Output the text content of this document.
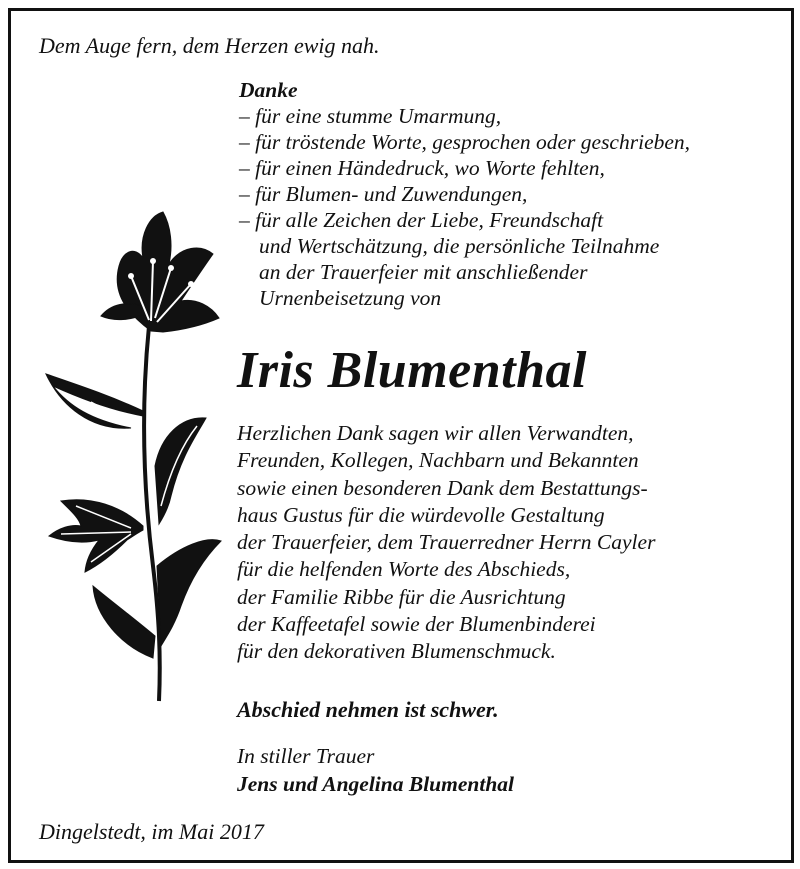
Dem Auge fern, dem Herzen ewig nah.
Danke
– für eine stumme Umarmung,
– für tröstende Worte, gesprochen oder geschrieben,
– für einen Händedruck, wo Worte fehlten,
– für Blumen- und Zuwendungen,
– für alle Zeichen der Liebe, Freundschaft
und Wertschätzung, die persönliche Teilnahme
an der Trauerfeier mit anschließender
Urnenbeisetzung von
Iris Blumenthal
Herzlichen Dank sagen wir allen Verwandten,
Freunden, Kollegen, Nachbarn und Bekannten
sowie einen besonderen Dank dem Bestattungs-
haus Gustus für die würdevolle Gestaltung
der Trauerfeier, dem Trauerredner Herrn Cayler
für die helfenden Worte des Abschieds,
der Familie Ribbe für die Ausrichtung
der Kaffeetafel sowie der Blumenbinderei
für den dekorativen Blumenschmuck.
Abschied nehmen ist schwer.
In stiller Trauer
Jens und Angelina Blumenthal
Dingelstedt, im Mai 2017
